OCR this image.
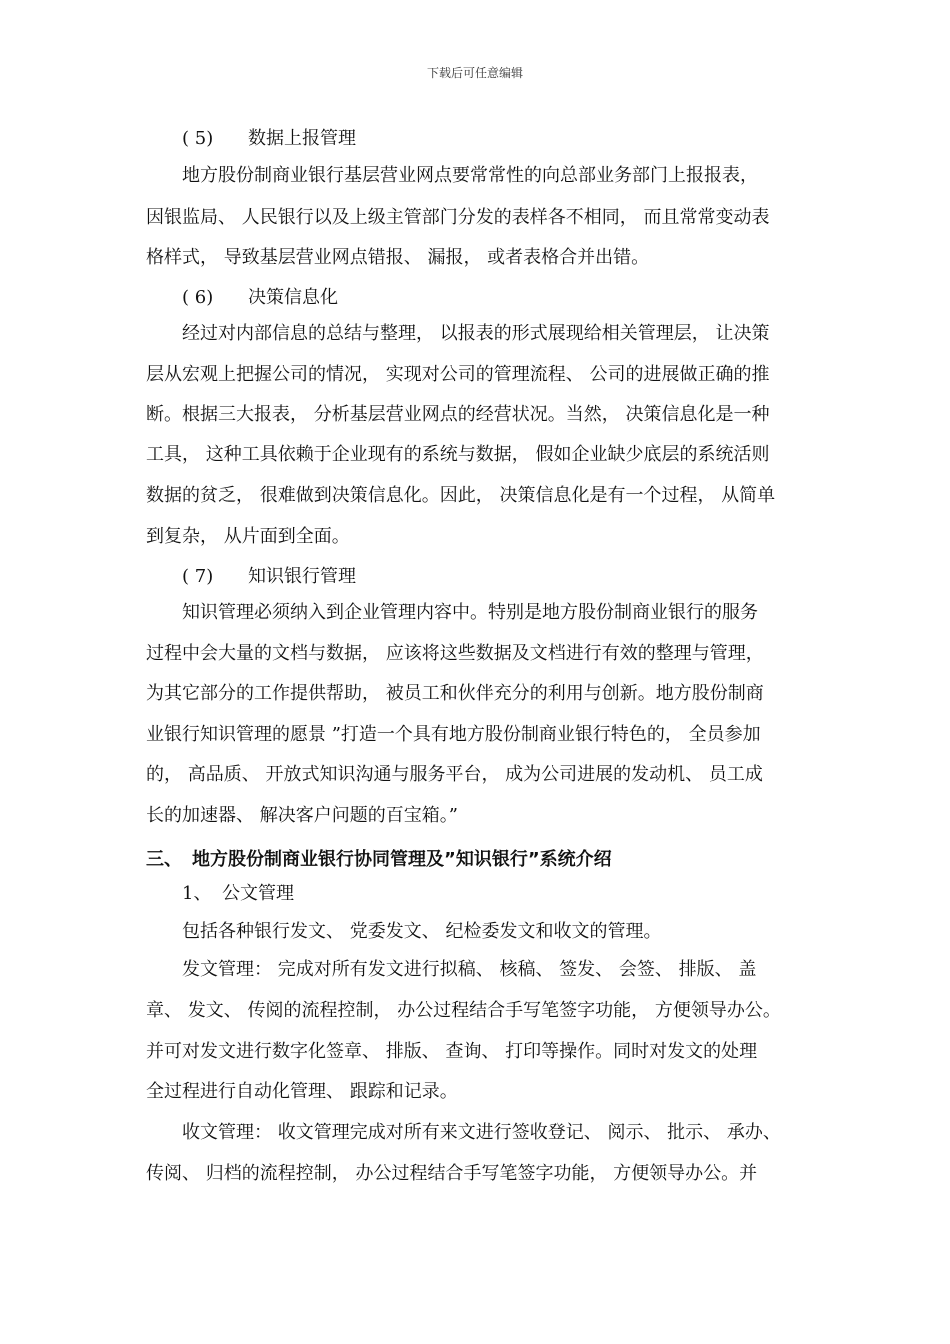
下载后可任意编辑
( 5) 数据上报管理
地方股份制商业银行基层营业网点要常常性的向总部业务部门上报报表，
因银监局、 人民银行以及上级主管部门分发的表样各不相同， 而且常常变动表
格样式， 导致基层营业网点错报、 漏报， 或者表格合并出错。
( 6) 决策信息化
经过对内部信息的总结与整理， 以报表的形式展现给相关管理层， 让决策
层从宏观上把握公司的情况， 实现对公司的管理流程、 公司的进展做正确的推
断。根据三大报表， 分析基层营业网点的经营状况。当然， 决策信息化是一种
工具， 这种工具依赖于企业现有的系统与数据， 假如企业缺少底层的系统活则
数据的贫乏， 很难做到决策信息化。因此， 决策信息化是有一个过程， 从简单
到复杂， 从片面到全面。
( 7) 知识银行管理
知识管理必须纳入到企业管理内容中。特别是地方股份制商业银行的服务
过程中会大量的文档与数据， 应该将这些数据及文档进行有效的整理与管理，
为其它部分的工作提供帮助， 被员工和伙伴充分的利用与创新。地方股份制商
业银行知识管理的愿景 ”打造一个具有地方股份制商业银行特色的， 全员参加
的， 高品质、 开放式知识沟通与服务平台， 成为公司进展的发动机、 员工成
长的加速器、 解决客户问题的百宝箱。”
三、 地方股份制商业银行协同管理及”知识银行”系统介绍
1、 公文管理
包括各种银行发文、 党委发文、 纪检委发文和收文的管理。
发文管理： 完成对所有发文进行拟稿、 核稿、 签发、 会签、 排版、 盖
章、 发文、 传阅的流程控制， 办公过程结合手写笔签字功能， 方便领导办公。
并可对发文进行数字化签章、 排版、 查询、 打印等操作。同时对发文的处理
全过程进行自动化管理、 跟踪和记录。
收文管理： 收文管理完成对所有来文进行签收登记、 阅示、 批示、 承办、
传阅、 归档的流程控制， 办公过程结合手写笔签字功能， 方便领导办公。并
